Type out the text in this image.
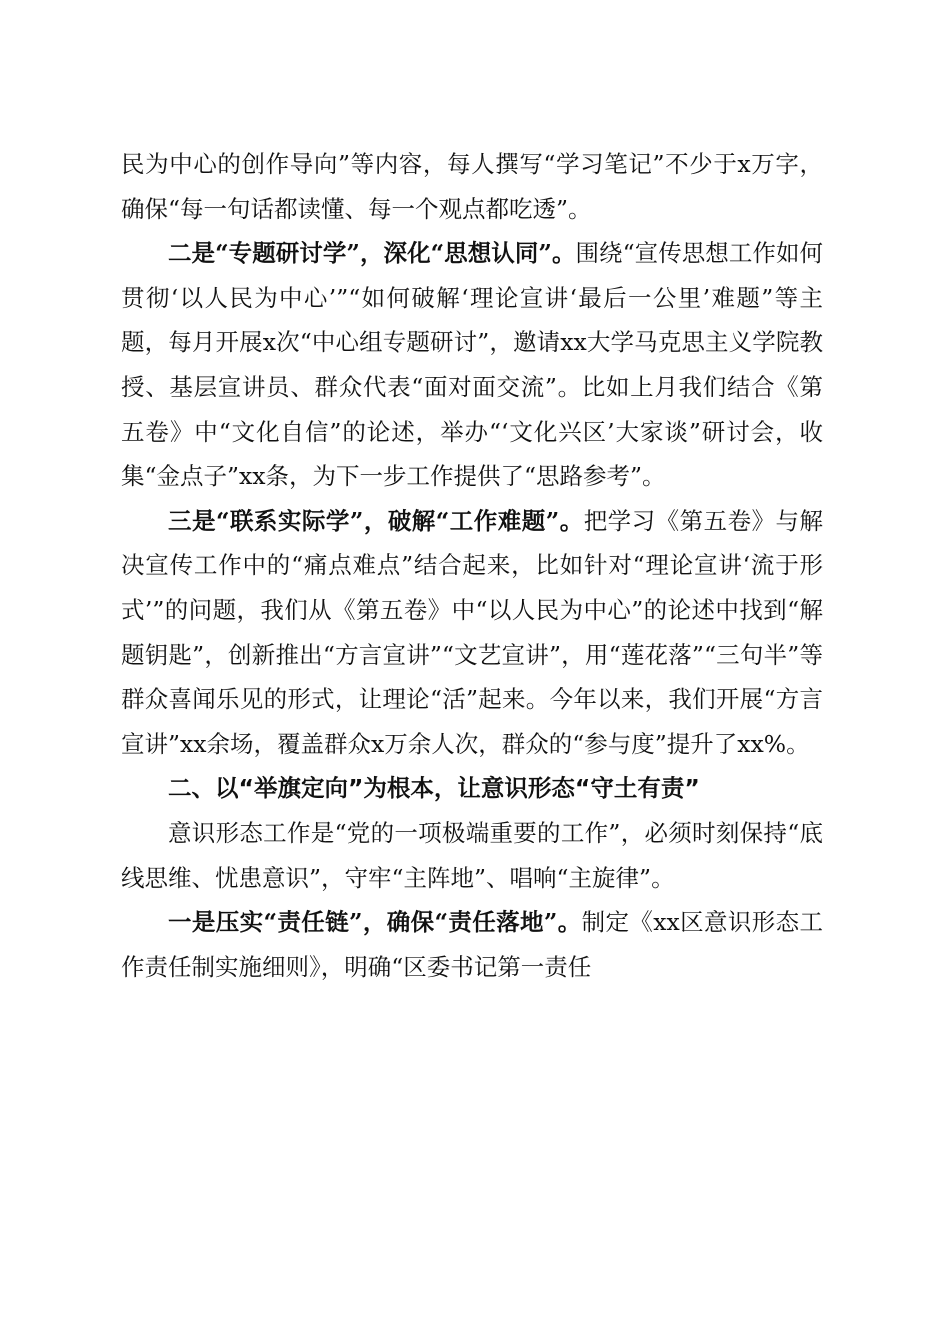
民为中心的创作导向”等内容，每人撰写“学习笔记”不少于x万字，确保“每一句话都读懂、每一个观点都吃透”。

二是“专题研讨学”，深化“思想认同”。围绕“宣传思想工作如何贯彻‘以人民为中心’”“如何破解‘理论宣讲‘最后一公里’难题”等主题，每月开展x次“中心组专题研讨”，邀请xx大学马克思主义学院教授、基层宣讲员、群众代表“面对面交流”。比如上月我们结合《第五卷》中“文化自信”的论述，举办“‘文化兴区’大家谈”研讨会，收集“金点子”xx条，为下一步工作提供了“思路参考”。

三是“联系实际学”，破解“工作难题”。把学习《第五卷》与解决宣传工作中的“痛点难点”结合起来，比如针对“理论宣讲‘流于形式’”的问题，我们从《第五卷》中“以人民为中心”的论述中找到“解题钥匙”，创新推出“方言宣讲”“文艺宣讲”，用“莲花落”“三句半”等群众喜闻乐见的形式，让理论“活”起来。今年以来，我们开展“方言宣讲”xx余场，覆盖群众x万余人次，群众的“参与度”提升了xx%。

二、以“举旗定向”为根本，让意识形态“守土有责”

意识形态工作是“党的一项极端重要的工作”，必须时刻保持“底线思维、忧患意识”，守牢“主阵地”、唱响“主旋律”。

一是压实“责任链”，确保“责任落地”。制定《xx区意识形态工作责任制实施细则》，明确“区委书记第一责任
